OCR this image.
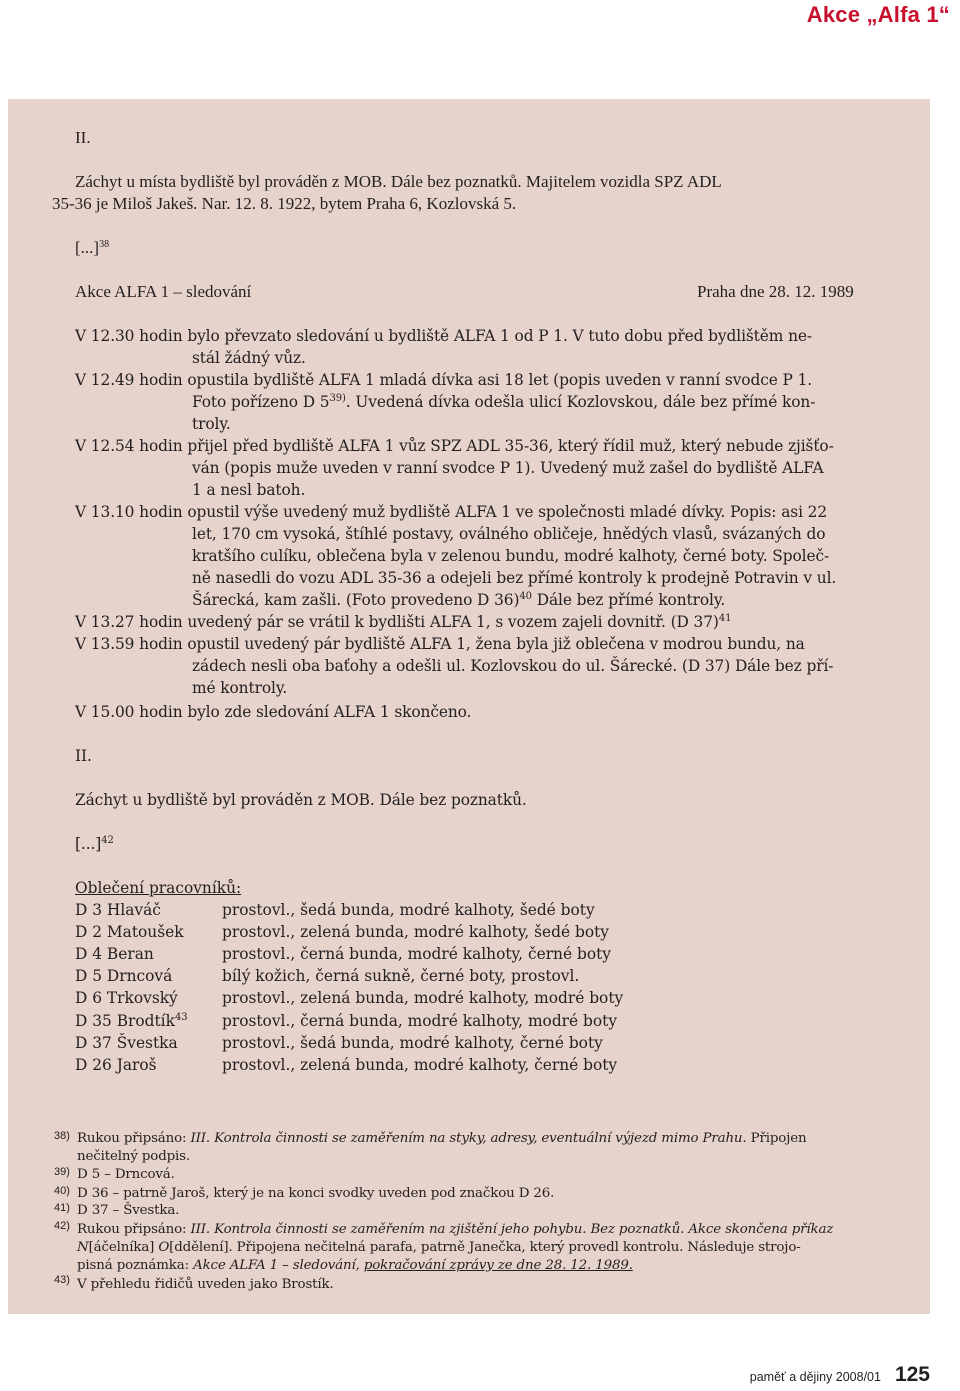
Akce „Alfa 1“
II.
Záchyt u místa bydliště byl prováděn z MOB. Dále bez poznatků. Majitelem vozidla SPZ ADL
35-36 je Miloš Jakeš. Nar. 12. 8. 1922, bytem Praha 6, Kozlovská 5.
[...]$^{38}$
Akce ALFA 1 – sledování	Praha dne 28. 12. 1989
V 12.30 hodin bylo převzato sledování u bydliště ALFA 1 od P 1. V tuto dobu před bydlištěm ne-
stál žádný vůz.
V 12.49 hodin opustila bydliště ALFA 1 mladá dívka asi 18 let (popis uveden v ranní svodce P 1.
Foto pořízeno D 5$^{39)}$. Uvedená dívka odešla ulicí Kozlovskou, dále bez přímé kon-
troly.
V 12.54 hodin přijel před bydliště ALFA 1 vůz SPZ ADL 35-36, který řídil muž, který nebude zjišťo-
ván (popis muže uveden v ranní svodce P 1). Uvedený muž zašel do bydliště ALFA
1 a nesl batoh.
V 13.10 hodin opustil výše uvedený muž bydliště ALFA 1 ve společnosti mladé dívky. Popis: asi 22
let, 170 cm vysoká, štíhlé postavy, oválného obličeje, hnědých vlasů, svázaných do
kratšího culíku, oblečena byla v zelenou bundu, modré kalhoty, černé boty. Společ-
ně nasedli do vozu ADL 35-36 a odejeli bez přímé kontroly k prodejně Potravin v ul.
Šárecká, kam zašli. (Foto provedeno D 36)$^{40}$ Dále bez přímé kontroly.
V 13.27 hodin uvedený pár se vrátil k bydlišti ALFA 1, s vozem zajeli dovnitř. (D 37)$^{41}$
V 13.59 hodin opustil uvedený pár bydliště ALFA 1, žena byla již oblečena v modrou bundu, na
zádech nesli oba baťohy a odešli ul. Kozlovskou do ul. Šárecké. (D 37) Dále bez pří-
mé kontroly.
V 15.00 hodin bylo zde sledování ALFA 1 skončeno.
II.
Záchyt u bydliště byl prováděn z MOB. Dále bez poznatků.
[...]$^{42}$
Oblečení pracovníků:
D 3 Hlaváč	prostovl., šedá bunda, modré kalhoty, šedé boty
D 2 Matoušek prostovl., zelená bunda, modré kalhoty, šedé boty
D 4 Beran	prostovl., černá bunda, modré kalhoty, černé boty
D 5 Drncová	bílý kožich, černá sukně, černé boty, prostovl.
D 6 Trkovský	prostovl., zelená bunda, modré kalhoty, modré boty
D 35 Brodtík$^{43}$ prostovl., černá bunda, modré kalhoty, modré boty
D 37 Švestka	prostovl., šedá bunda, modré kalhoty, černé boty
D 26 Jaroš	prostovl., zelená bunda, modré kalhoty, černé boty
38) Rukou připsáno: III. Kontrola činnosti se zaměřením na styky, adresy, eventuální výjezd mimo Prahu. Připojen
nečitelný podpis.
39) D 5 – Drncová.
40) D 36 – patrně Jaroš, který je na konci svodky uveden pod značkou D 26.
41) D 37 – Švestka.
42) Rukou připsáno: III. Kontrola činnosti se zaměřením na zjištění jeho pohybu. Bez poznatků. Akce skončena příkaz
N[áčelníka] O[ddělení]. Připojena nečitelná parafa, patrně Janečka, který provedl kontrolu. Následuje strojo-
pisná poznámka: Akce ALFA 1 – sledování, pokračování zprávy ze dne 28. 12. 1989.
43) V přehledu řidičů uveden jako Brostík.
paměť a dějiny 2008/01 125
